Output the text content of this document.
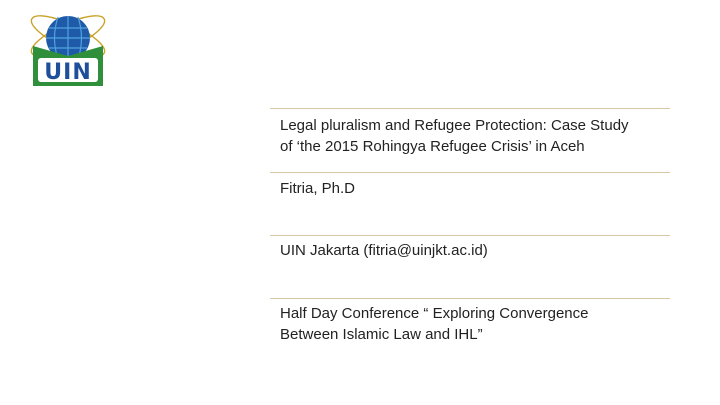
UIN
Legal pluralism and Refugee Protection: Case Study
of ‘the 2015 Rohingya Refugee Crisis’ in Aceh
Fitria, Ph.D
UIN Jakarta (fitria@uinjkt.ac.id)
Half Day Conference “ Exploring Convergence
Between Islamic Law and IHL”
